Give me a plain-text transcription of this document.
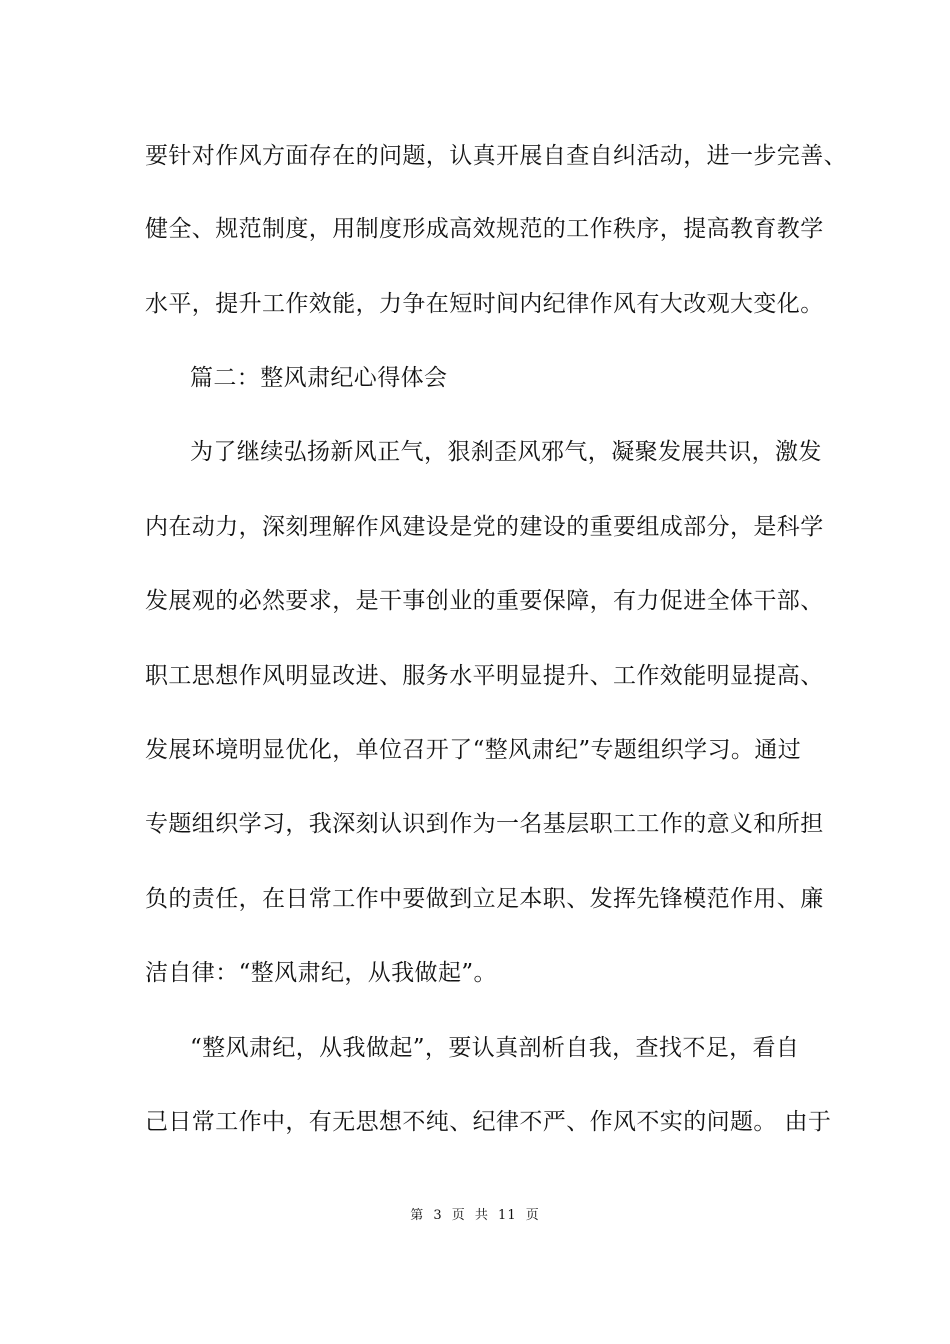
要针对作风方面存在的问题，认真开展自查自纠活动，进一步完善、
健全、规范制度，用制度形成高效规范的工作秩序，提高教育教学
水平，提升工作效能，力争在短时间内纪律作风有大改观大变化。
篇二：整风肃纪心得体会
为了继续弘扬新风正气，狠刹歪风邪气，凝聚发展共识，激发
内在动力，深刻理解作风建设是党的建设的重要组成部分，是科学
发展观的必然要求，是干事创业的重要保障，有力促进全体干部、
职工思想作风明显改进、服务水平明显提升、工作效能明显提高、
发展环境明显优化，单位召开了“整风肃纪”专题组织学习。通过
专题组织学习，我深刻认识到作为一名基层职工工作的意义和所担
负的责任，在日常工作中要做到立足本职、发挥先锋模范作用、廉
洁自律：“整风肃纪，从我做起”。
“整风肃纪，从我做起”，要认真剖析自我，查找不足，看自
己日常工作中，有无思想不纯、纪律不严、作风不实的问题。 由于
第 3 页 共 11 页
